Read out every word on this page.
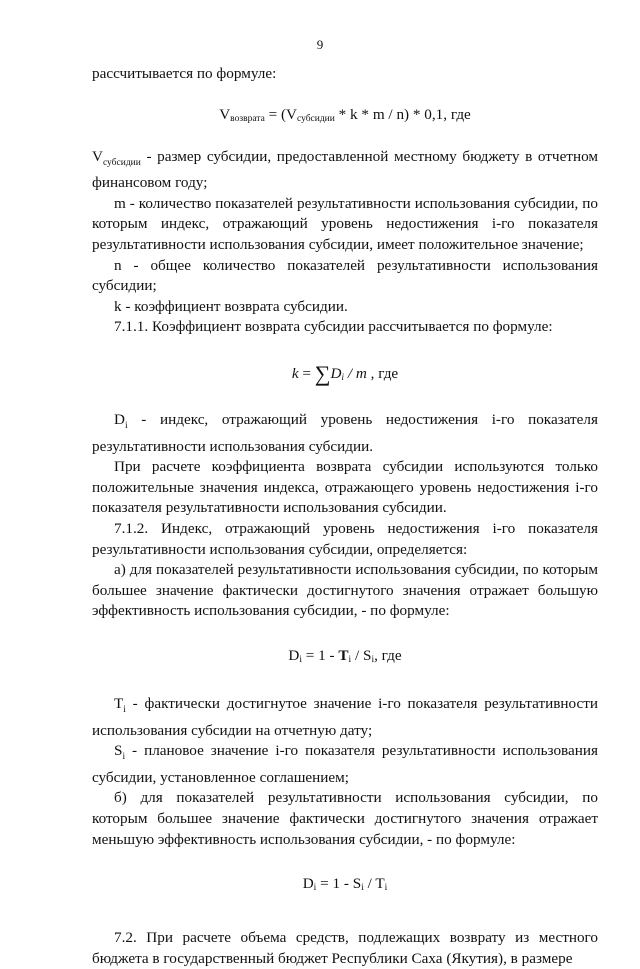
9

рассчитывается по формуле:

$V_{возврата} = (V_{субсидии} * k * m / n) * 0,1$, где

$V_{субсидии}$ - размер субсидии, предоставленной местному бюджету в отчетном финансовом году;

m - количество показателей результативности использования субсидии, по которым индекс, отражающий уровень недостижения i-го показателя результативности использования субсидии, имеет положительное значение;

n - общее количество показателей результативности использования субсидии;

k - коэффициент возврата субсидии.

7.1.1. Коэффициент возврата субсидии рассчитывается по формуле:

$k = \sum D_i / m$ , где

$D_i$ - индекс, отражающий уровень недостижения i-го показателя результативности использования субсидии.

При расчете коэффициента возврата субсидии используются только положительные значения индекса, отражающего уровень недостижения i-го показателя результативности использования субсидии.

7.1.2. Индекс, отражающий уровень недостижения i-го показателя результативности использования субсидии, определяется:

а) для показателей результативности использования субсидии, по которым большее значение фактически достигнутого значения отражает большую эффективность использования субсидии, - по формуле:

$D_i = 1 - T_i / S_i$, где

$T_i$ - фактически достигнутое значение i-го показателя результативности использования субсидии на отчетную дату;

$S_i$ - плановое значение i-го показателя результативности использования субсидии, установленное соглашением;

б) для показателей результативности использования субсидии, по которым большее значение фактически достигнутого значения отражает меньшую эффективность использования субсидии, - по формуле:

$D_i = 1 - S_i / T_i$

7.2. При расчете объема средств, подлежащих возврату из местного бюджета в государственный бюджет Республики Саха (Якутия), в размере
